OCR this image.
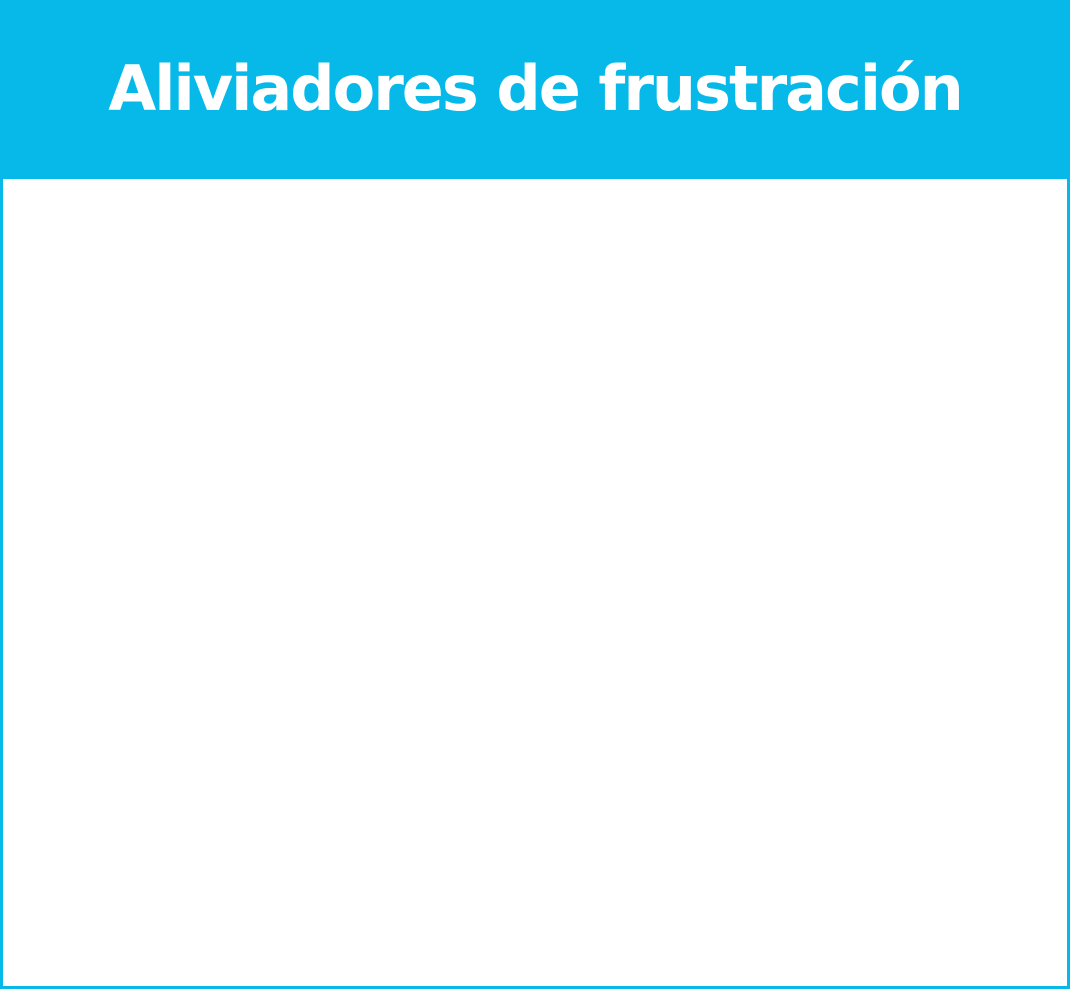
Aliviadores de frustración
